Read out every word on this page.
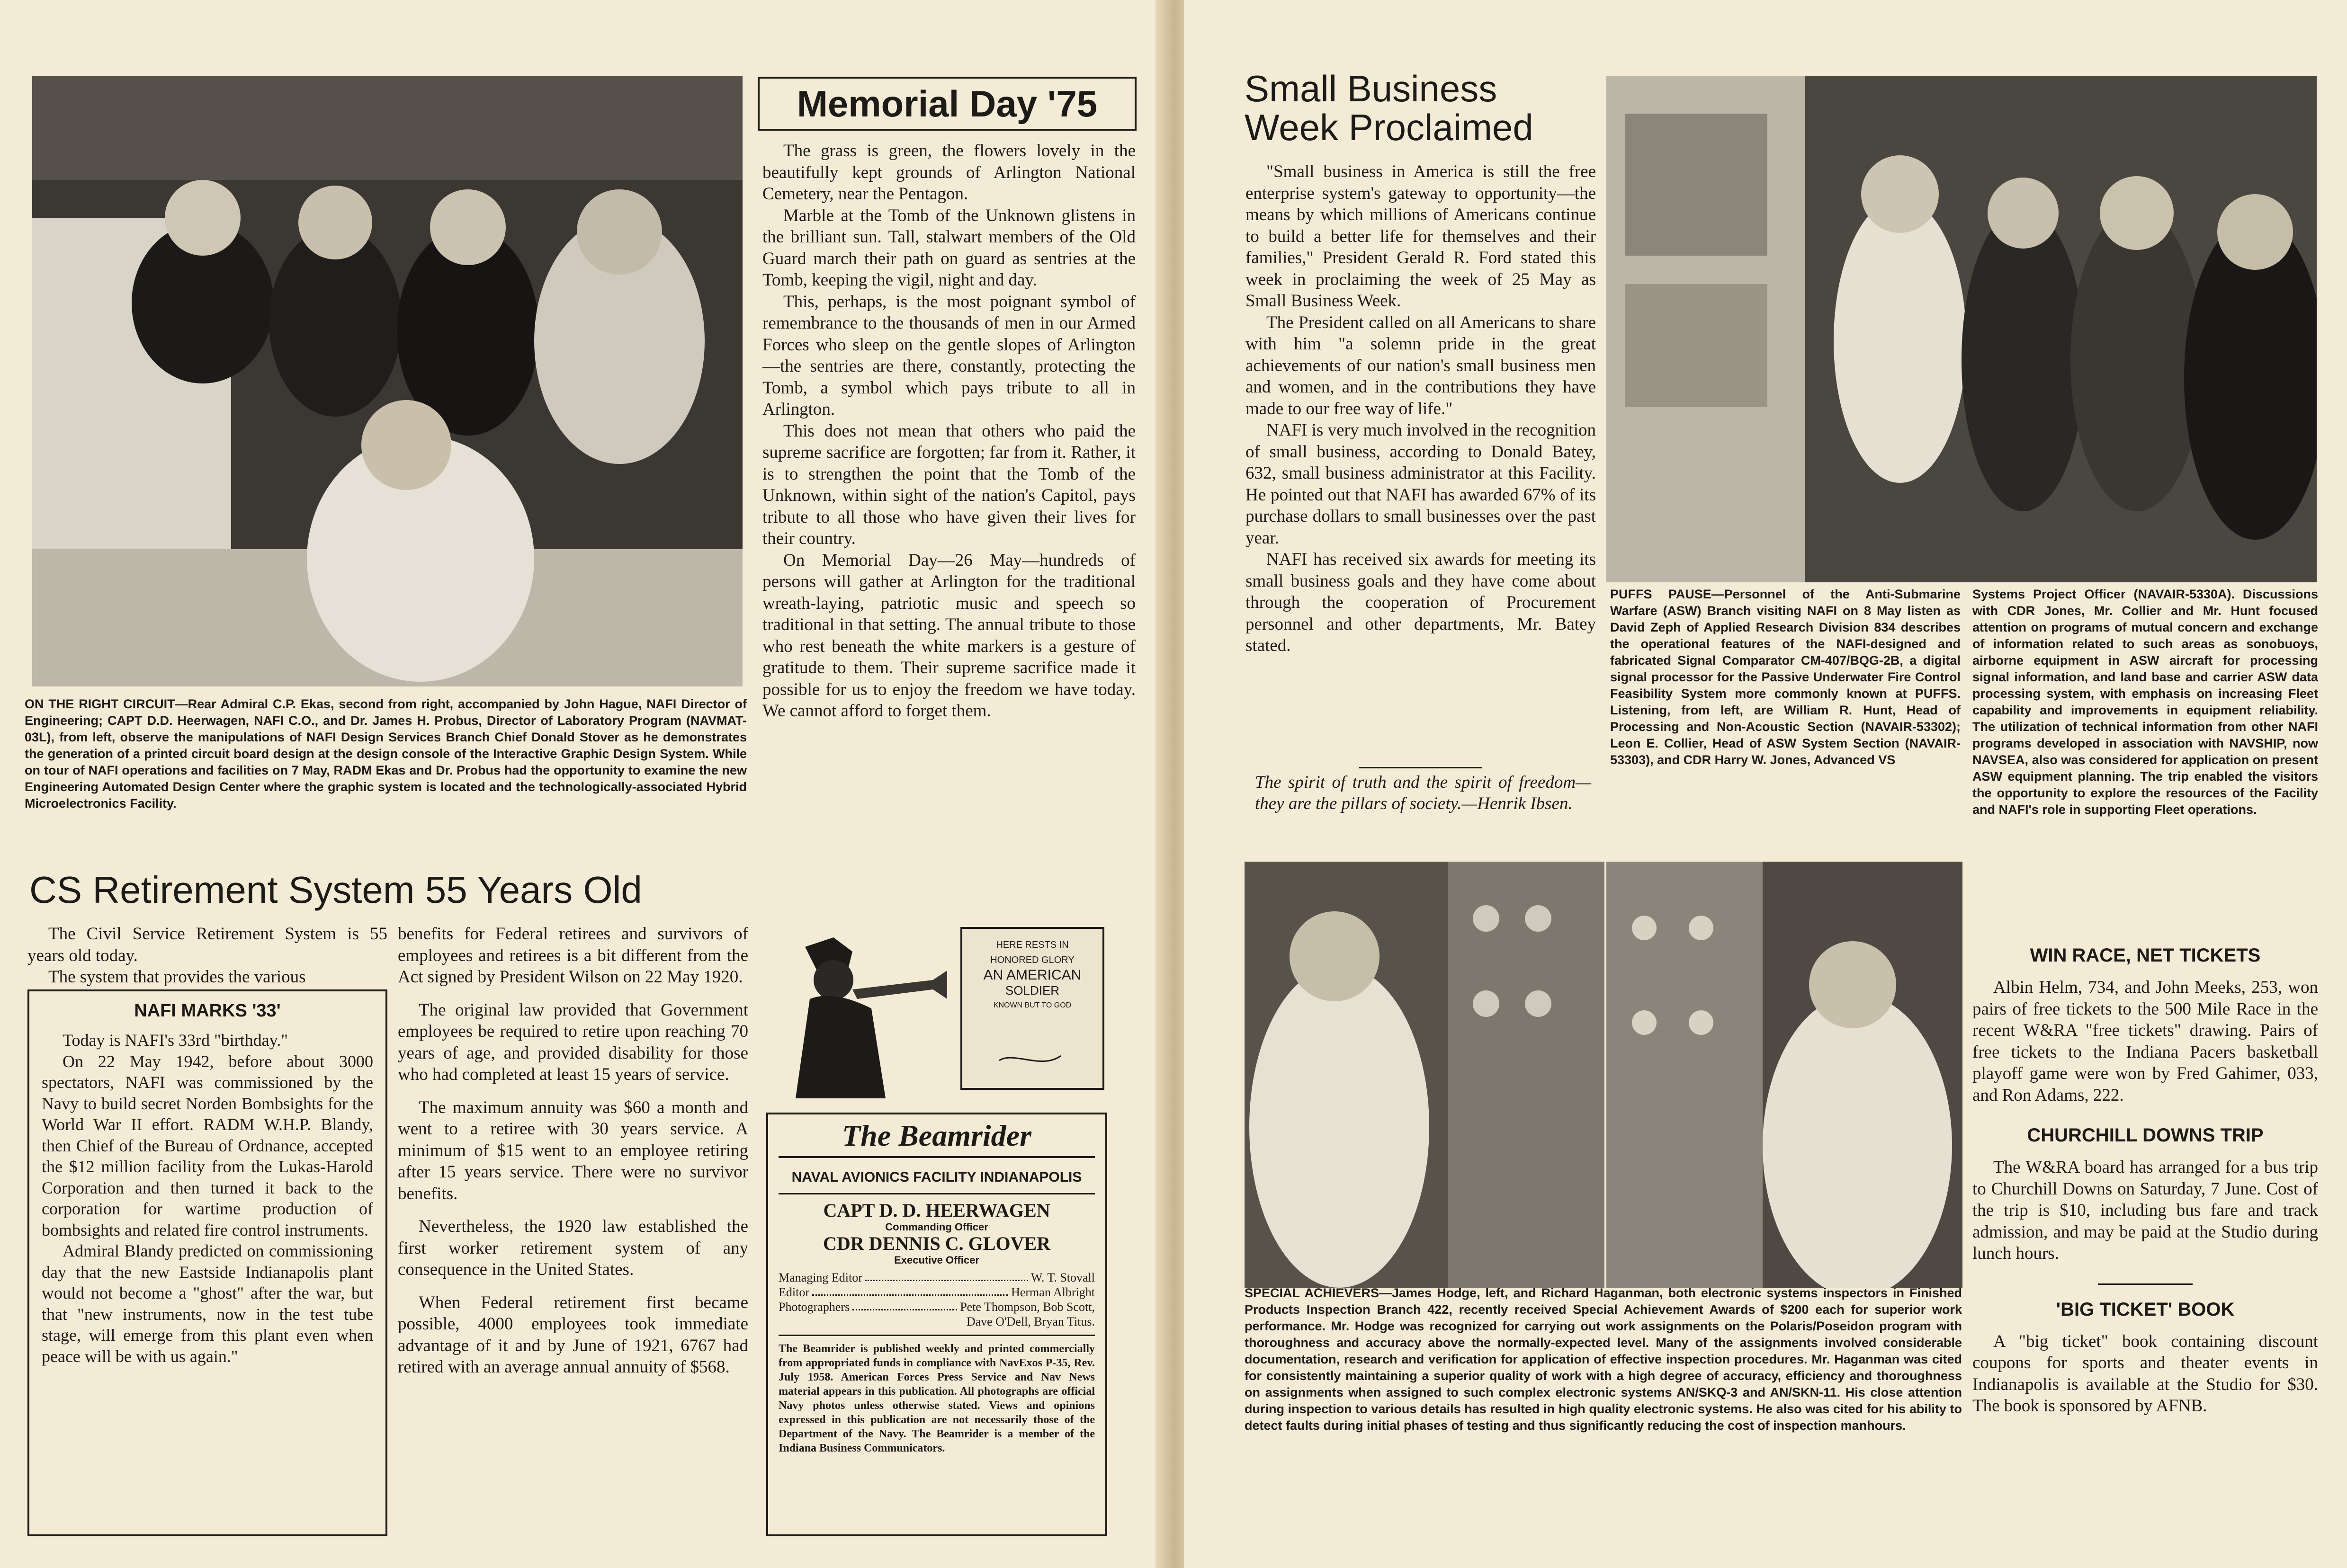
ON THE RIGHT CIRCUIT—Rear Admiral C.P. Ekas, second from right, accompanied by John Hague, NAFI Director of Engineering; CAPT D.D. Heerwagen, NAFI C.O., and Dr. James H. Probus, Director of Laboratory Program (NAVMAT-03L), from left, observe the manipulations of NAFI Design Services Branch Chief Donald Stover as he demonstrates the generation of a printed circuit board design at the design console of the Interactive Graphic Design System. While on tour of NAFI operations and facilities on 7 May, RADM Ekas and Dr. Probus had the opportunity to examine the new Engineering Automated Design Center where the graphic system is located and the technologically-associated Hybrid Microelectronics Facility.
Memorial Day '75

The grass is green, the flowers lovely in the beautifully kept grounds of Arlington National Cemetery, near the Pentagon.

Marble at the Tomb of the Unknown glistens in the brilliant sun. Tall, stalwart members of the Old Guard march their path on guard as sentries at the Tomb, keeping the vigil, night and day.

This, perhaps, is the most poignant symbol of remembrance to the thousands of men in our Armed Forces who sleep on the gentle slopes of Arlington —the sentries are there, constantly, protecting the Tomb, a symbol which pays tribute to all in Arlington.

This does not mean that others who paid the supreme sacrifice are forgotten; far from it. Rather, it is to strengthen the point that the Tomb of the Unknown, within sight of the nation's Capitol, pays tribute to all those who have given their lives for their country.

On Memorial Day—26 May—hundreds of persons will gather at Arlington for the traditional wreath-laying, patriotic music and speech so traditional in that setting. The annual tribute to those who rest beneath the white markers is a gesture of gratitude to them. Their supreme sacrifice made it possible for us to enjoy the freedom we have today. We cannot afford to forget them.

CS Retirement System 55 Years Old

The Civil Service Retirement System is 55 years old today.

The system that provides the various

NAFI MARKS '33'

Today is NAFI's 33rd "birthday."

On 22 May 1942, before about 3000 spectators, NAFI was commissioned by the Navy to build secret Norden Bombsights for the World War II effort. RADM W.H.P. Blandy, then Chief of the Bureau of Ordnance, accepted the $12 million facility from the Lukas-Harold Corporation and then turned it back to the corporation for wartime production of bombsights and related fire control instruments.

Admiral Blandy predicted on commissioning day that the new Eastside Indianapolis plant would not become a "ghost" after the war, but that "new instruments, now in the test tube stage, will emerge from this plant even when peace will be with us again."

benefits for Federal retirees and survivors of employees and retirees is a bit different from the Act signed by President Wilson on 22 May 1920.

The original law provided that Government employees be required to retire upon reaching 70 years of age, and provided disability for those who had completed at least 15 years of service.

The maximum annuity was $60 a month and went to a retiree with 30 years service. A minimum of $15 went to an employee retiring after 15 years service. There were no survivor benefits.

Nevertheless, the 1920 law established the first worker retirement system of any consequence in the United States.

When Federal retirement first became possible, 4000 employees took immediate advantage of it and by June of 1921, 6767 had retired with an average annual annuity of $568.

HERE RESTS IN
HONORED GLORY
AN AMERICAN
SOLDIER
KNOWN BUT TO GOD
The Beamrider
NAVAL AVIONICS FACILITY INDIANAPOLIS
CAPT D. D. HEERWAGEN
Commanding Officer
CDR DENNIS C. GLOVER
Executive Officer
Managing Editor	W. T. Stovall
Editor	Herman Albright
Photographers	Pete Thompson, Bob Scott,
Dave O'Dell, Bryan Titus.
The Beamrider is published weekly and printed commercially from appropriated funds in compliance with NavExos P-35, Rev. July 1958. American Forces Press Service and Nav News material appears in this publication. All photographs are official Navy photos unless otherwise stated. Views and opinions expressed in this publication are not necessarily those of the Department of the Navy. The Beamrider is a member of the Indiana Business Communicators.
Small Business
Week Proclaimed

"Small business in America is still the free enterprise system's gateway to opportunity—the means by which millions of Americans continue to build a better life for themselves and their families," President Gerald R. Ford stated this week in proclaiming the week of 25 May as Small Business Week.

The President called on all Americans to share with him "a solemn pride in the great achievements of our nation's small business men and women, and in the contributions they have made to our free way of life."

NAFI is very much involved in the recognition of small business, according to Donald Batey, 632, small business administrator at this Facility. He pointed out that NAFI has awarded 67% of its purchase dollars to small businesses over the past year.

NAFI has received six awards for meeting its small business goals and they have come about through the cooperation of Procurement personnel and other departments, Mr. Batey stated.

The spirit of truth and the spirit of freedom—they are the pillars of society.—Henrik Ibsen.
PUFFS PAUSE—Personnel of the Anti-Submarine Warfare (ASW) Branch visiting NAFI on 8 May listen as David Zeph of Applied Research Division 834 describes the operational features of the NAFI-designed and fabricated Signal Comparator CM-407/BQG-2B, a digital signal processor for the Passive Underwater Fire Control Feasibility System more commonly known at PUFFS. Listening, from left, are William R. Hunt, Head of Processing and Non-Acoustic Section (NAVAIR-53302); Leon E. Collier, Head of ASW System Section (NAVAIR-53303), and CDR Harry W. Jones, Advanced VS
Systems Project Officer (NAVAIR-5330A). Discussions with CDR Jones, Mr. Collier and Mr. Hunt focused attention on programs of mutual concern and exchange of information related to such areas as sonobuoys, airborne equipment in ASW aircraft for processing signal information, and land base and carrier ASW data processing system, with emphasis on increasing Fleet capability and improvements in equipment reliability. The utilization of technical information from other NAFI programs developed in association with NAVSHIP, now NAVSEA, also was considered for application on present ASW equipment planning. The trip enabled the visitors the opportunity to explore the resources of the Facility and NAFI's role in supporting Fleet operations.
SPECIAL ACHIEVERS—James Hodge, left, and Richard Haganman, both electronic systems inspectors in Finished Products Inspection Branch 422, recently received Special Achievement Awards of $200 each for superior work performance. Mr. Hodge was recognized for carrying out work assignments on the Polaris/Poseidon program with thoroughness and accuracy above the normally-expected level. Many of the assignments involved considerable documentation, research and verification for application of effective inspection procedures. Mr. Haganman was cited for consistently maintaining a superior quality of work with a high degree of accuracy, efficiency and thoroughness on assignments when assigned to such complex electronic systems AN/SKQ-3 and AN/SKN-11. His close attention during inspection to various details has resulted in high quality electronic systems. He also was cited for his ability to detect faults during initial phases of testing and thus significantly reducing the cost of inspection manhours.
WIN RACE, NET TICKETS
Albin Helm, 734, and John Meeks, 253, won pairs of free tickets to the 500 Mile Race in the recent W&RA "free tickets" drawing. Pairs of free tickets to the Indiana Pacers basketball playoff game were won by Fred Gahimer, 033, and Ron Adams, 222.
CHURCHILL DOWNS TRIP
The W&RA board has arranged for a bus trip to Churchill Downs on Saturday, 7 June. Cost of the trip is $10, including bus fare and track admission, and may be paid at the Studio during lunch hours.
'BIG TICKET' BOOK
A "big ticket" book containing discount coupons for sports and theater events in Indianapolis is available at the Studio for $30. The book is sponsored by AFNB.
